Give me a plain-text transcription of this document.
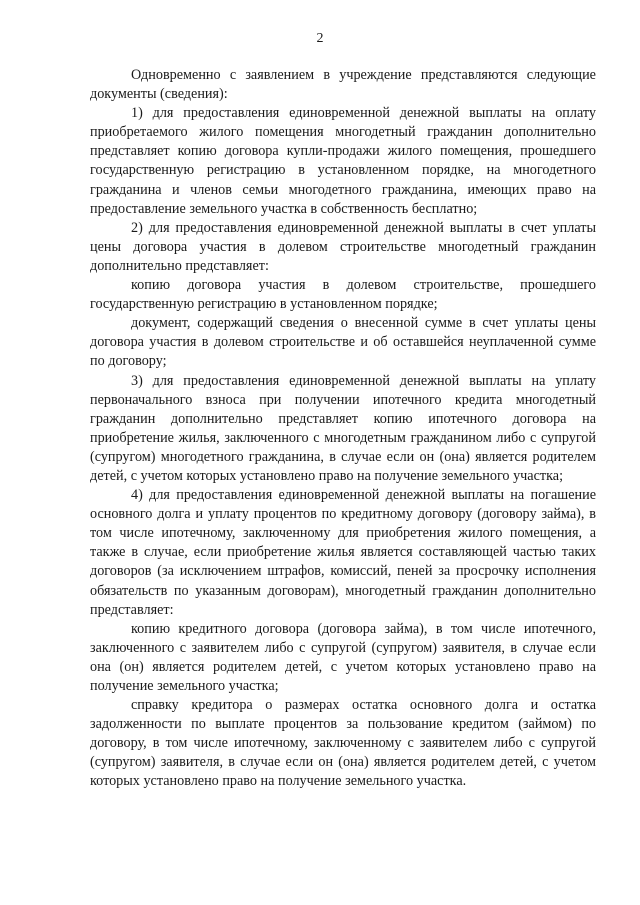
2

Одновременно с заявлением в учреждение представляются следующие документы (сведения):

1) для предоставления единовременной денежной выплаты на оплату приобретаемого жилого помещения многодетный гражданин дополнительно представляет копию договора купли-продажи жилого помещения, прошедшего государственную регистрацию в установленном порядке, на многодетного гражданина и членов семьи многодетного гражданина, имеющих право на предоставление земельного участка в собственность бесплатно;

2) для предоставления единовременной денежной выплаты в счет уплаты цены договора участия в долевом строительстве многодетный гражданин дополнительно представляет:

копию договора участия в долевом строительстве, прошедшего государственную регистрацию в установленном порядке;

документ, содержащий сведения о внесенной сумме в счет уплаты цены договора участия в долевом строительстве и об оставшейся неуплаченной сумме по договору;

3) для предоставления единовременной денежной выплаты на уплату первоначального взноса при получении ипотечного кредита многодетный гражданин дополнительно представляет копию ипотечного договора на приобретение жилья, заключенного с многодетным гражданином либо с супругой (супругом) многодетного гражданина, в случае если он (она) является родителем детей, с учетом которых установлено право на получение земельного участка;

4) для предоставления единовременной денежной выплаты на погашение основного долга и уплату процентов по кредитному договору (договору займа), в том числе ипотечному, заключенному для приобретения жилого помещения, а также в случае, если приобретение жилья является составляющей частью таких договоров (за исключением штрафов, комиссий, пеней за просрочку исполнения обязательств по указанным договорам), многодетный гражданин дополнительно представляет:

копию кредитного договора (договора займа), в том числе ипотечного, заключенного с заявителем либо с супругой (супругом) заявителя, в случае если она (он) является родителем детей, с учетом которых установлено право на получение земельного участка;

справку кредитора о размерах остатка основного долга и остатка задолженности по выплате процентов за пользование кредитом (займом) по договору, в том числе ипотечному, заключенному с заявителем либо с супругой (супругом) заявителя, в случае если он (она) является родителем детей, с учетом которых установлено право на получение земельного участка.
